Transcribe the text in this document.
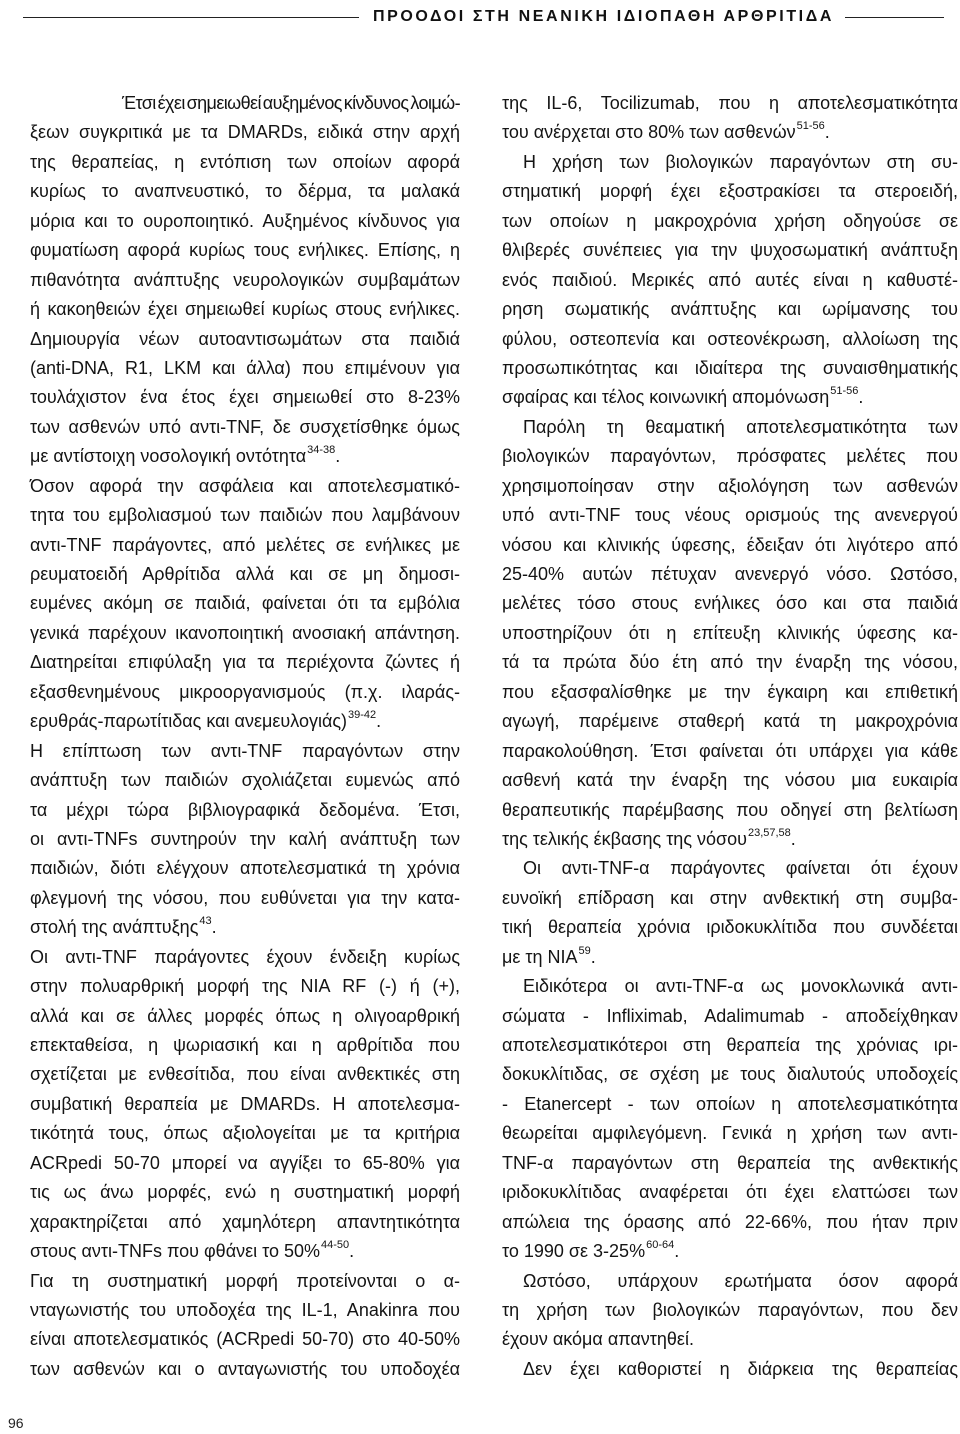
ΠΡΟΟΔΟΙ ΣΤΗ ΝΕΑΝΙΚΗ ΙΔΙΟΠΑΘΗ ΑΡΘΡΙΤΙΔΑ
Έτσι έχει σημειωθεί αυξημένος κίνδυνος λοιμώ-
ξεων συγκριτικά με τα DMARDs, ειδικά στην αρχή
της θεραπείας, η εντόπιση των οποίων αφορά
κυρίως το αναπνευστικό, το δέρμα, τα μαλακά
μόρια και το ουροποιητικό. Αυξημένος κίνδυνος για
φυματίωση αφορά κυρίως τους ενήλικες. Επίσης, η
πιθανότητα ανάπτυξης νευρολογικών συμβαμάτων
ή κακοηθειών έχει σημειωθεί κυρίως στους ενήλικες.
Δημιουργία νέων αυτοαντισωμάτων στα παιδιά
(anti-DNA, R1, LKM και άλλα) που επιμένουν για
τουλάχιστον ένα έτος έχει σημειωθεί στο 8-23%
των ασθενών υπό αντι-TNF, δε συσχετίσθηκε όμως
με αντίστοιχη νοσολογική οντότητα$^{34-38}$.
Όσον αφορά την ασφάλεια και αποτελεσματικό-
τητα του εμβολιασμού των παιδιών που λαμβάνουν
αντι-TNF παράγοντες, από μελέτες σε ενήλικες με
ρευματοειδή Αρθρίτιδα αλλά και σε μη δημοσι-
ευμένες ακόμη σε παιδιά, φαίνεται ότι τα εμβόλια
γενικά παρέχουν ικανοποιητική ανοσιακή απάντηση.
Διατηρείται επιφύλαξη για τα περιέχοντα ζώντες ή
εξασθενημένους μικροοργανισμούς (π.χ. ιλαράς-
ερυθράς-παρωτίτιδας και ανεμευλογιάς)$^{39-42}$.
Η επίπτωση των αντι-TNF παραγόντων στην
ανάπτυξη των παιδιών σχολιάζεται ευμενώς από
τα μέχρι τώρα βιβλιογραφικά δεδομένα. Έτσι,
οι αντι-TNFs συντηρούν την καλή ανάπτυξη των
παιδιών, διότι ελέγχουν αποτελεσματικά τη χρόνια
φλεγμονή της νόσου, που ευθύνεται για την κατα-
στολή της ανάπτυξης$^{43}$.
Οι αντι-TNF παράγοντες έχουν ένδειξη κυρίως
στην πολυαρθρική μορφή της ΝΙΑ RF (-) ή (+),
αλλά και σε άλλες μορφές όπως η ολιγοαρθρική
επεκταθείσα, η ψωριασική και η αρθρίτιδα που
σχετίζεται με ενθεσίτιδα, που είναι ανθεκτικές στη
συμβατική θεραπεία με DMARDs. Η αποτελεσμα-
τικότητά τους, όπως αξιολογείται με τα κριτήρια
ACRpedi 50-70 μπορεί να αγγίξει το 65-80% για
τις ως άνω μορφές, ενώ η συστηματική μορφή
χαρακτηρίζεται από χαμηλότερη απαντητικότητα
στους αντι-TNFs που φθάνει το 50%$^{44-50}$.
Για τη συστηματική μορφή προτείνονται ο α-
νταγωνιστής του υποδοχέα της IL-1, Anakinra που
είναι αποτελεσματικός (ACRpedi 50-70) στο 40-50%
των ασθενών και ο ανταγωνιστής του υποδοχέα
της IL-6, Tocilizumab, που η αποτελεσματικότητα
του ανέρχεται στο 80% των ασθενών$^{51-56}$.
Η χρήση των βιολογικών παραγόντων στη συ-
στηματική μορφή έχει εξοστρακίσει τα στεροειδή,
των οποίων η μακροχρόνια χρήση οδηγούσε σε
θλιβερές συνέπειες για την ψυχοσωματική ανάπτυξη
ενός παιδιού. Μερικές από αυτές είναι η καθυστέ-
ρηση σωματικής ανάπτυξης και ωρίμανσης του
φύλου, οστεοπενία και οστεονέκρωση, αλλοίωση της
προσωπικότητας και ιδιαίτερα της συναισθηματικής
σφαίρας και τέλος κοινωνική απομόνωση$^{51-56}$.
Παρόλη τη θεαματική αποτελεσματικότητα των
βιολογικών παραγόντων, πρόσφατες μελέτες που
χρησιμοποίησαν στην αξιολόγηση των ασθενών
υπό αντι-TNF τους νέους ορισμούς της ανενεργού
νόσου και κλινικής ύφεσης, έδειξαν ότι λιγότερο από
25-40% αυτών πέτυχαν ανενεργό νόσο. Ωστόσο,
μελέτες τόσο στους ενήλικες όσο και στα παιδιά
υποστηρίζουν ότι η επίτευξη κλινικής ύφεσης κα-
τά τα πρώτα δύο έτη από την έναρξη της νόσου,
που εξασφαλίσθηκε με την έγκαιρη και επιθετική
αγωγή, παρέμεινε σταθερή κατά τη μακροχρόνια
παρακολούθηση. Έτσι φαίνεται ότι υπάρχει για κάθε
ασθενή κατά την έναρξη της νόσου μια ευκαιρία
θεραπευτικής παρέμβασης που οδηγεί στη βελτίωση
της τελικής έκβασης της νόσου$^{23,57,58}$.
Οι αντι-TNF-α παράγοντες φαίνεται ότι έχουν
ευνοϊκή επίδραση και στην ανθεκτική στη συμβα-
τική θεραπεία χρόνια ιριδοκυκλίτιδα που συνδέεται
με τη ΝΙΑ$^{59}$.
Ειδικότερα οι αντι-TNF-α ως μονοκλωνικά αντι-
σώματα - Infliximab, Adalimumab - αποδείχθηκαν
αποτελεσματικότεροι στη θεραπεία της χρόνιας ιρι-
δοκυκλίτιδας, σε σχέση με τους διαλυτούς υποδοχείς
- Etanercept - των οποίων η αποτελεσματικότητα
θεωρείται αμφιλεγόμενη. Γενικά η χρήση των αντι-
TNF-α παραγόντων στη θεραπεία της ανθεκτικής
ιριδοκυκλίτιδας αναφέρεται ότι έχει ελαττώσει των
απώλεια της όρασης από 22-66%, που ήταν πριν
το 1990 σε 3-25%$^{60-64}$.
Ωστόσο, υπάρχουν ερωτήματα όσον αφορά
τη χρήση των βιολογικών παραγόντων, που δεν
έχουν ακόμα απαντηθεί.
Δεν έχει καθοριστεί η διάρκεια της θεραπείας
96
